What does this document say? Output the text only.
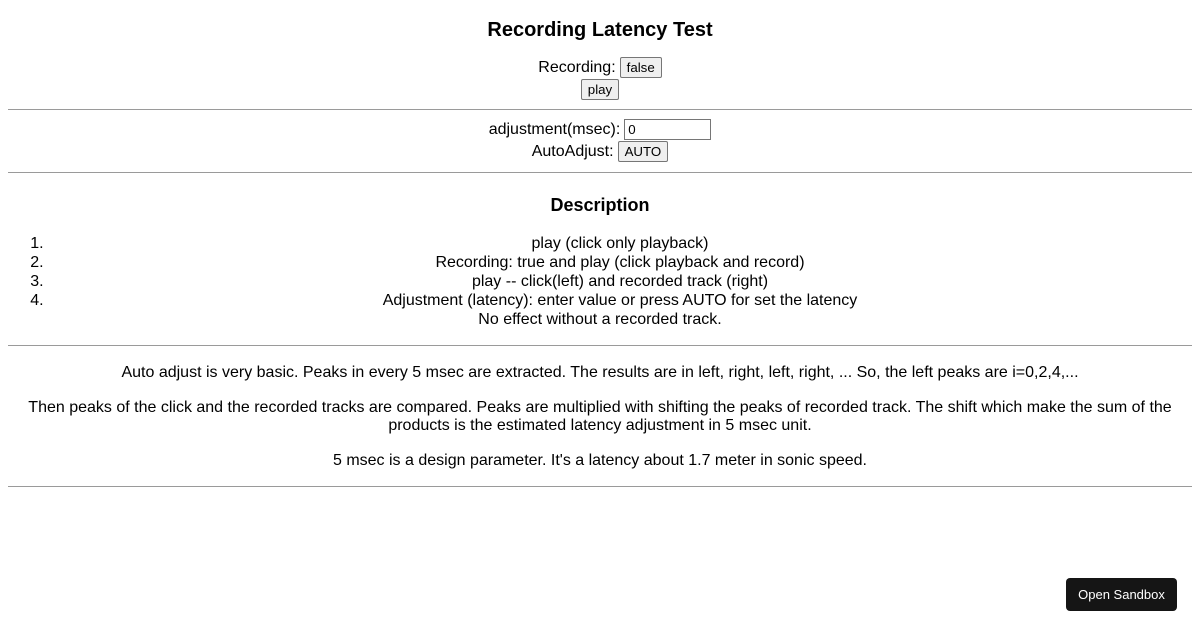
Recording Latency Test
Recording: false
play
adjustment(msec):0
AutoAdjust: AUTO
Description
1. play (click only playback)
2. Recording: true and play (click playback and record)
3. play -- click(left) and recorded track (right)
4. Adjustment (latency): enter value or press AUTO for set the latency
No effect without a recorded track.

Auto adjust is very basic. Peaks in every 5 msec are extracted. The results are in left, right, left, right, ... So, the left peaks are i=0,2,4,...

Then peaks of the click and the recorded tracks are compared. Peaks are multiplied with shifting the peaks of recorded track. The shift which make the sum of the products is the estimated latency adjustment in 5 msec unit.

5 msec is a design parameter. It's a latency about 1.7 meter in sonic speed.

Open Sandbox
